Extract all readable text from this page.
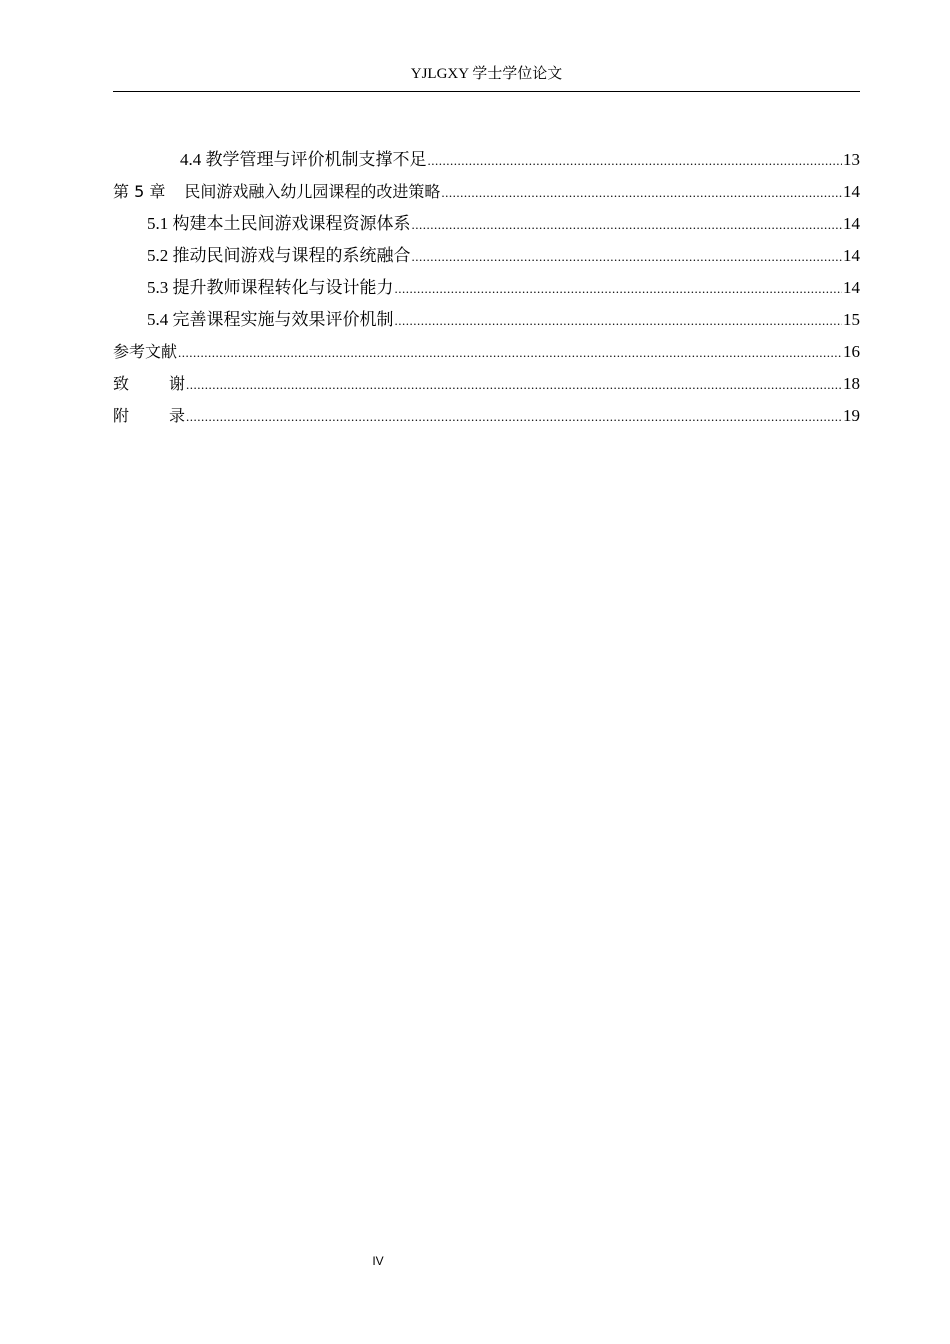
YJLGXY 学士学位论文
4.4 教学管理与评价机制支撑不足 .....	13
第 5 章 民间游戏融入幼儿园课程的改进策略 .....	14
5.1 构建本土民间游戏课程资源体系 .....	14
5.2 推动民间游戏与课程的系统融合 .....	14
5.3 提升教师课程转化与设计能力 .....	14
5.4 完善课程实施与效果评价机制 .....	15
参考文献 .....	16
致	谢 .....	18
附	录 .....	19
IV
